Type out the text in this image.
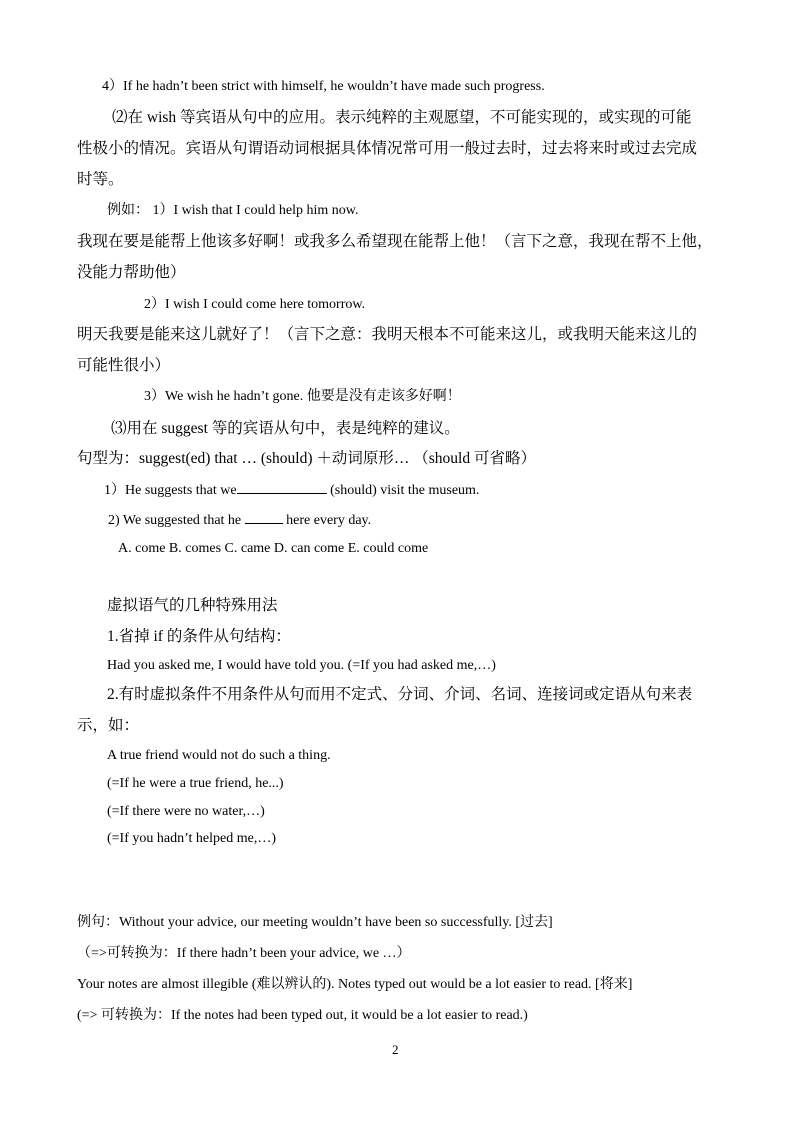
4）If he hadn’t been strict with himself, he wouldn’t have made such progress.
⑵在 wish 等宾语从句中的应用。表示纯粹的主观愿望，不可能实现的，或实现的可能
性极小的情况。宾语从句谓语动词根据具体情况常可用一般过去时，过去将来时或过去完成
时等。
例如： 1）I wish that I could help him now.
我现在要是能帮上他该多好啊！或我多么希望现在能帮上他！（言下之意，我现在帮不上他，
没能力帮助他）
2）I wish I could come here tomorrow.
明天我要是能来这儿就好了！（言下之意：我明天根本不可能来这儿，或我明天能来这儿的
可能性很小）
3）We wish he hadn’t gone. 他要是没有走该多好啊！
⑶用在 suggest 等的宾语从句中，表是纯粹的建议。
句型为：suggest(ed) that … (should) ＋动词原形… （should 可省略）
1）He suggests that we	(should) visit the museum.
2) We suggested that he	here every day.
A. come B. comes C. came D. can come E. could come
虚拟语气的几种特殊用法
1.省掉 if 的条件从句结构：
Had you asked me, I would have told you. (=If you had asked me,…)
2.有时虚拟条件不用条件从句而用不定式、分词、介词、名词、连接词或定语从句来表
示，如：
A true friend would not do such a thing.
(=If he were a true friend, he...)
(=If there were no water,…)
(=If you hadn’t helped me,…)
例句：Without your advice, our meeting wouldn’t have been so successfully. [过去]
（=>可转换为：If there hadn’t been your advice, we …）
Your notes are almost illegible (难以辨认的). Notes typed out would be a lot easier to read. [将来]
(=> 可转换为：If the notes had been typed out, it would be a lot easier to read.)
2
